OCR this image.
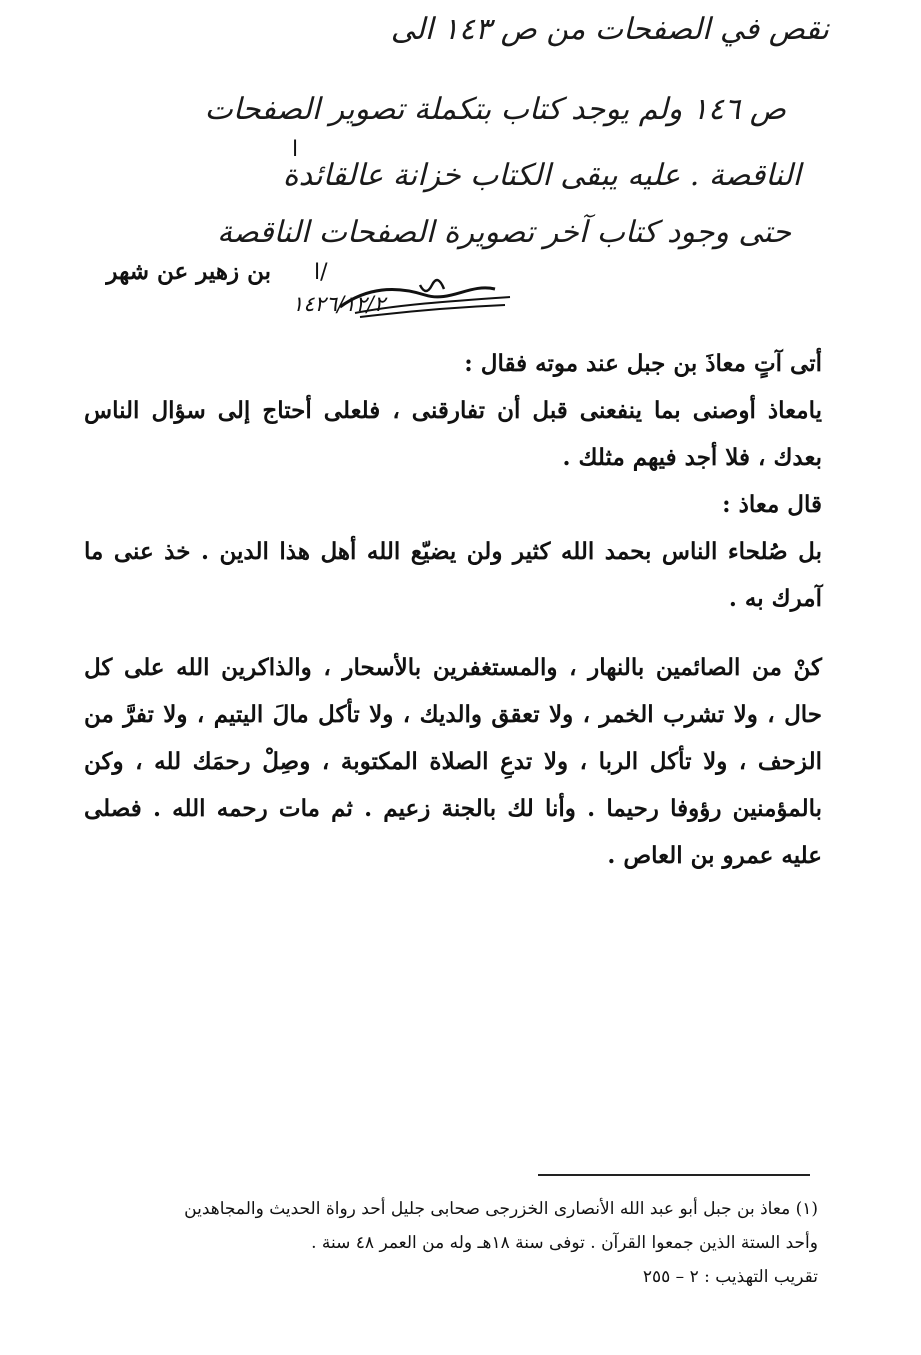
نقص في الصفحات من ص ١٤٣ الى
ص ١٤٦ ولم يوجد كتاب بتكملة تصوير الصفحات
ا
الناقصة . عليه يبقى الكتاب خزانة عالقائدة
حتى وجود كتاب آخر تصويرة الصفحات الناقصة
ا/
١٤٢٦/١٢/٢
بن زهير عن شهر

أتى آتٍ معاذَ بن جبل عند موته فقال :

يامعاذ أوصنى بما ينفعنى قبل أن تفارقنى ، فلعلى أحتاج إلى سؤال الناس بعدك ، فلا أجد فيهم مثلك .

قال معاذ :

بل صُلحاء الناس بحمد الله كثير ولن يضيّع الله أهل هذا الدين . خذ عنى ما آمرك به .

كنْ من الصائمين بالنهار ، والمستغفرين بالأسحار ، والذاكرين الله على كل حال ، ولا تشرب الخمر ، ولا تعقق والديك ، ولا تأكل مالَ اليتيم ، ولا تفرَّ من الزحف ، ولا تأكل الربا ، ولا تدعِ الصلاة المكتوبة ، وصِلْ رحمَك لله ، وكن بالمؤمنين رؤوفا رحيما . وأنا لك بالجنة زعيم . ثم مات رحمه الله . فصلى عليه عمرو بن العاص .

(١) معاذ بن جبل أبو عبد الله الأنصارى الخزرجى صحابى جليل أحد رواة الحديث والمجاهدين

وأحد الستة الذين جمعوا القرآن . توفى سنة ١٨هـ وله من العمر ٤٨ سنة .

تقريب التهذيب : ٢ – ٢٥٥
